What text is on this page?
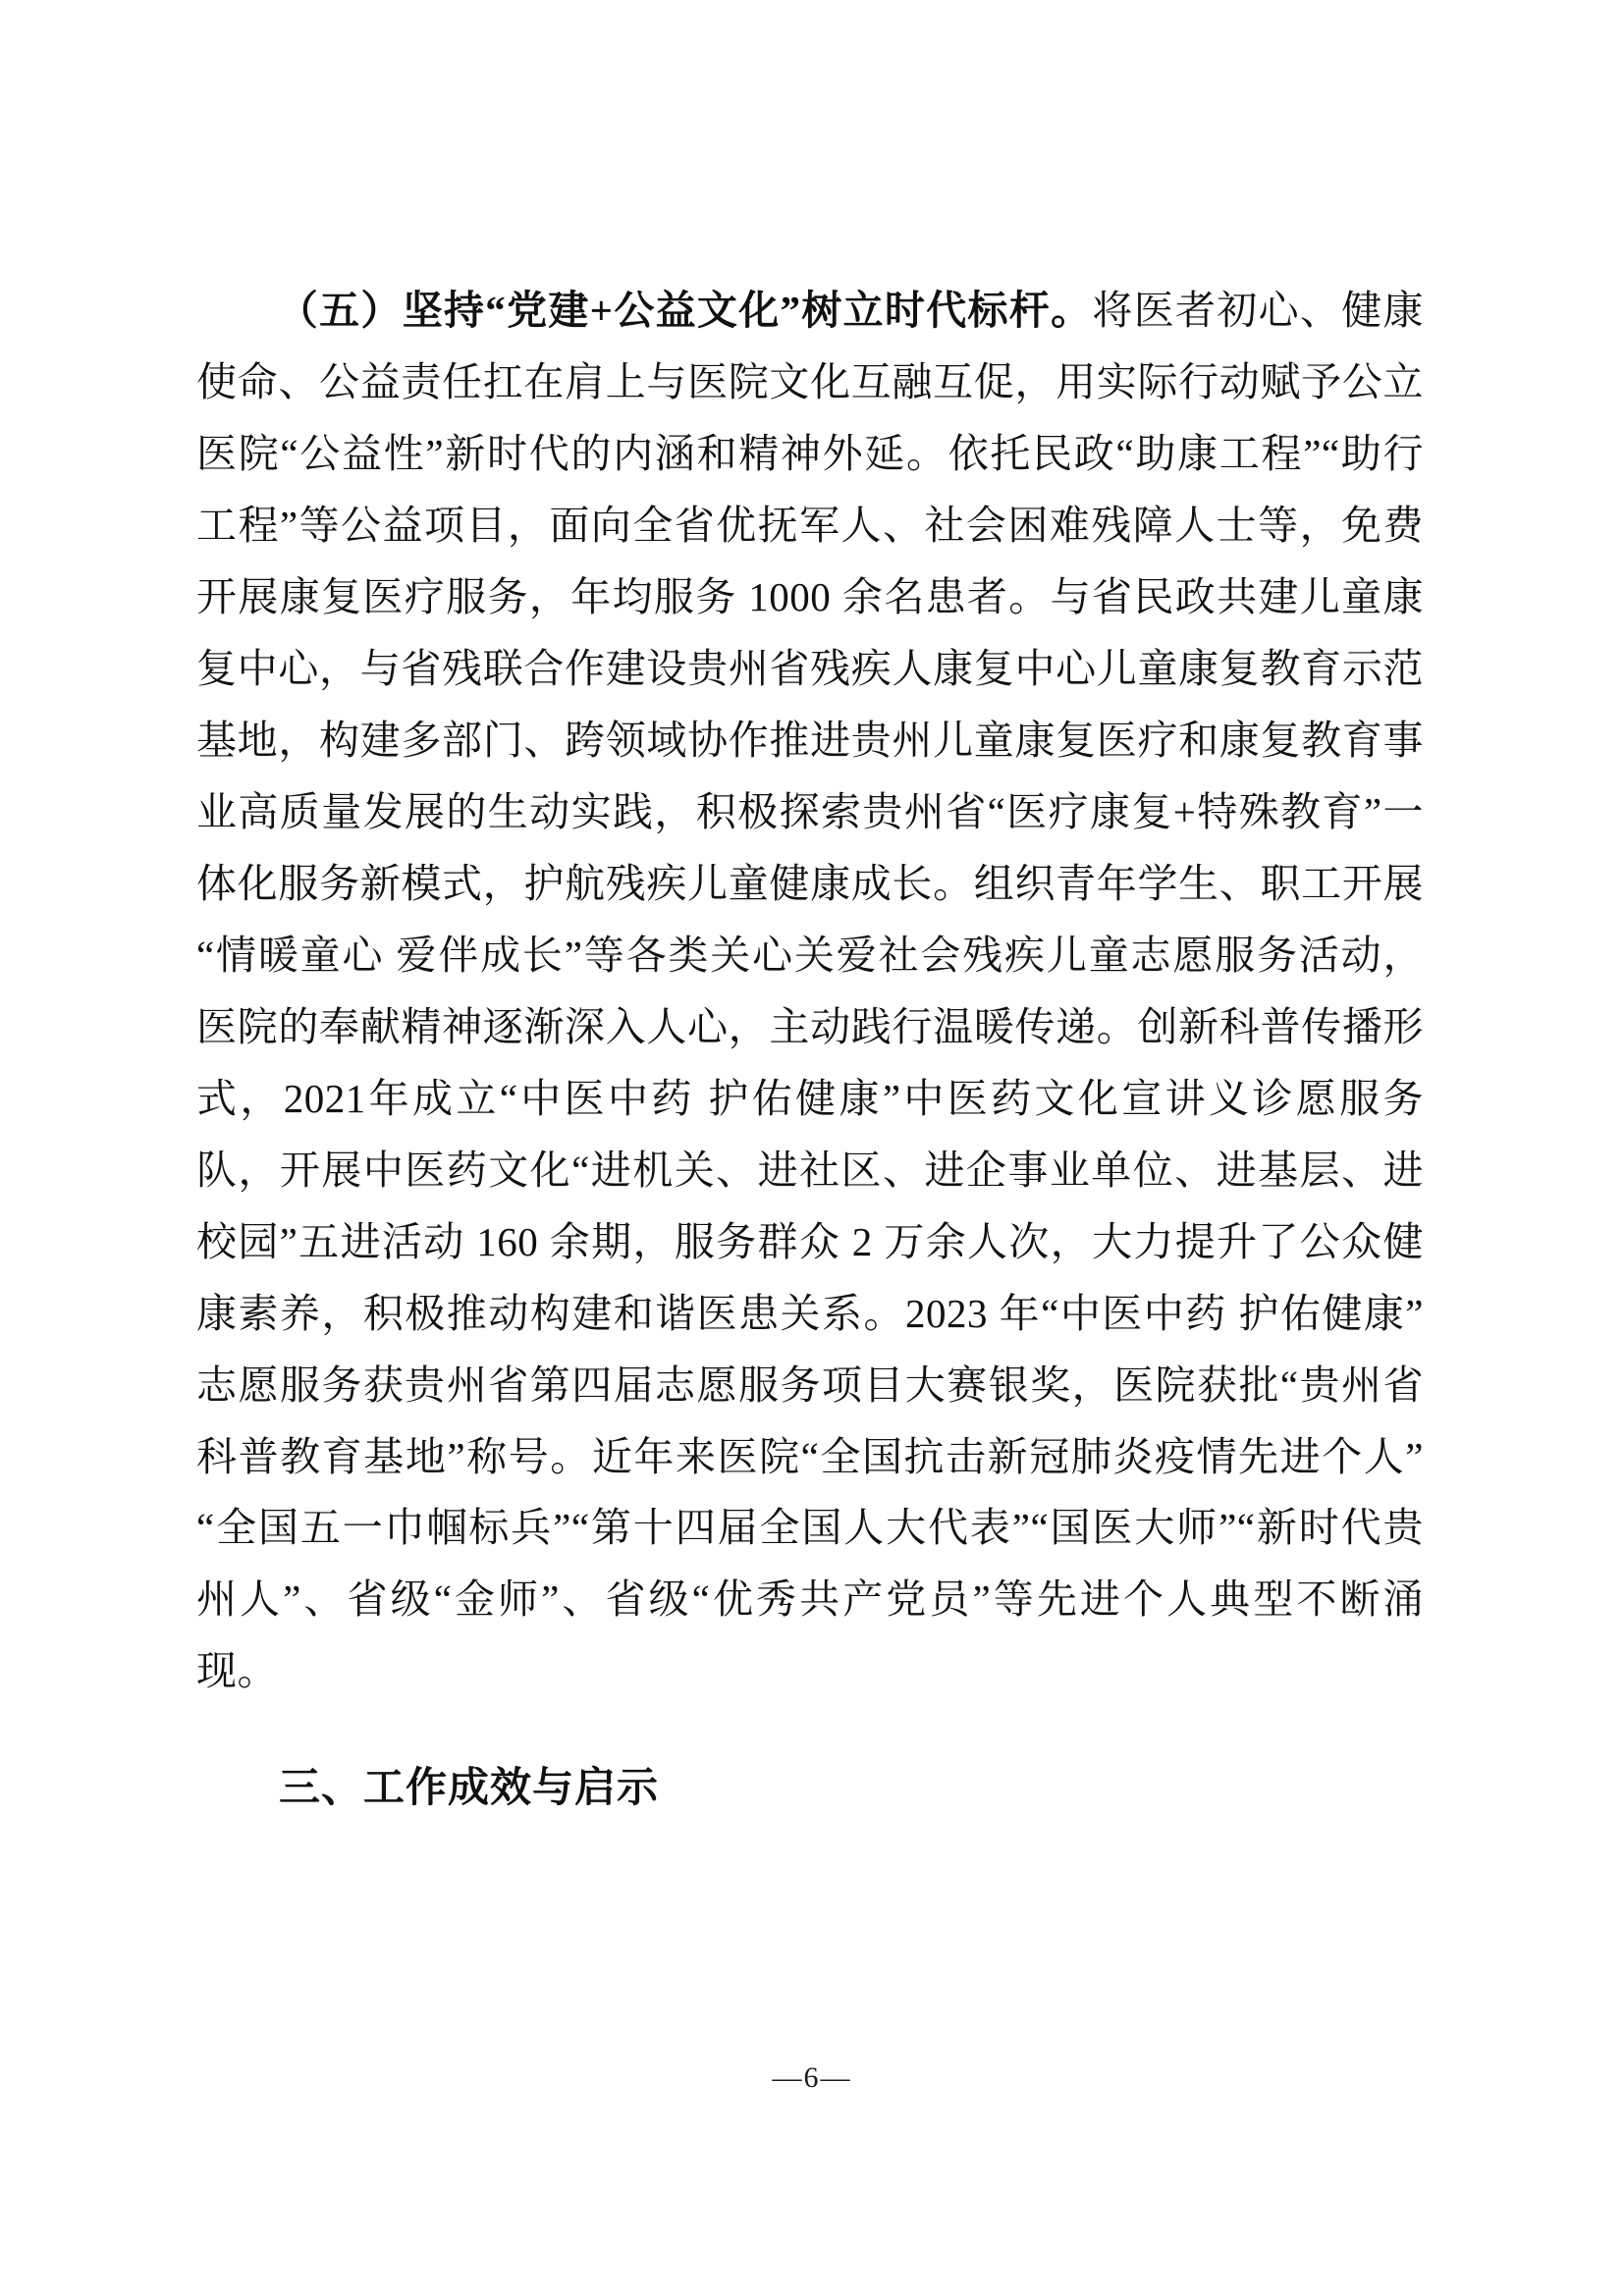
（五）坚持“党建+公益文化”树立时代标杆。将医者初心、健康使命、公益责任扛在肩上与医院文化互融互促，用实际行动赋予公立医院“公益性”新时代的内涵和精神外延。依托民政“助康工程”“助行工程”等公益项目，面向全省优抚军人、社会困难残障人士等，免费开展康复医疗服务，年均服务 1000 余名患者。与省民政共建儿童康复中心，与省残联合作建设贵州省残疾人康复中心儿童康复教育示范基地，构建多部门、跨领域协作推进贵州儿童康复医疗和康复教育事业高质量发展的生动实践，积极探索贵州省“医疗康复+特殊教育”一体化服务新模式，护航残疾儿童健康成长。组织青年学生、职工开展“情暖童心 爱伴成长”等各类关心关爱社会残疾儿童志愿服务活动，医院的奉献精神逐渐深入人心，主动践行温暖传递。创新科普传播形式，2021年成立“中医中药 护佑健康”中医药文化宣讲义诊愿服务队，开展中医药文化“进机关、进社区、进企事业单位、进基层、进校园”五进活动 160 余期，服务群众 2 万余人次，大力提升了公众健康素养，积极推动构建和谐医患关系。2023 年“中医中药 护佑健康”志愿服务获贵州省第四届志愿服务项目大赛银奖，医院获批“贵州省科普教育基地”称号。近年来医院“全国抗击新冠肺炎疫情先进个人”“全国五一巾帼标兵”“第十四届全国人大代表”“国医大师”“新时代贵州人”、省级“金师”、省级“优秀共产党员”等先进个人典型不断涌现。

三、工作成效与启示
—6—
